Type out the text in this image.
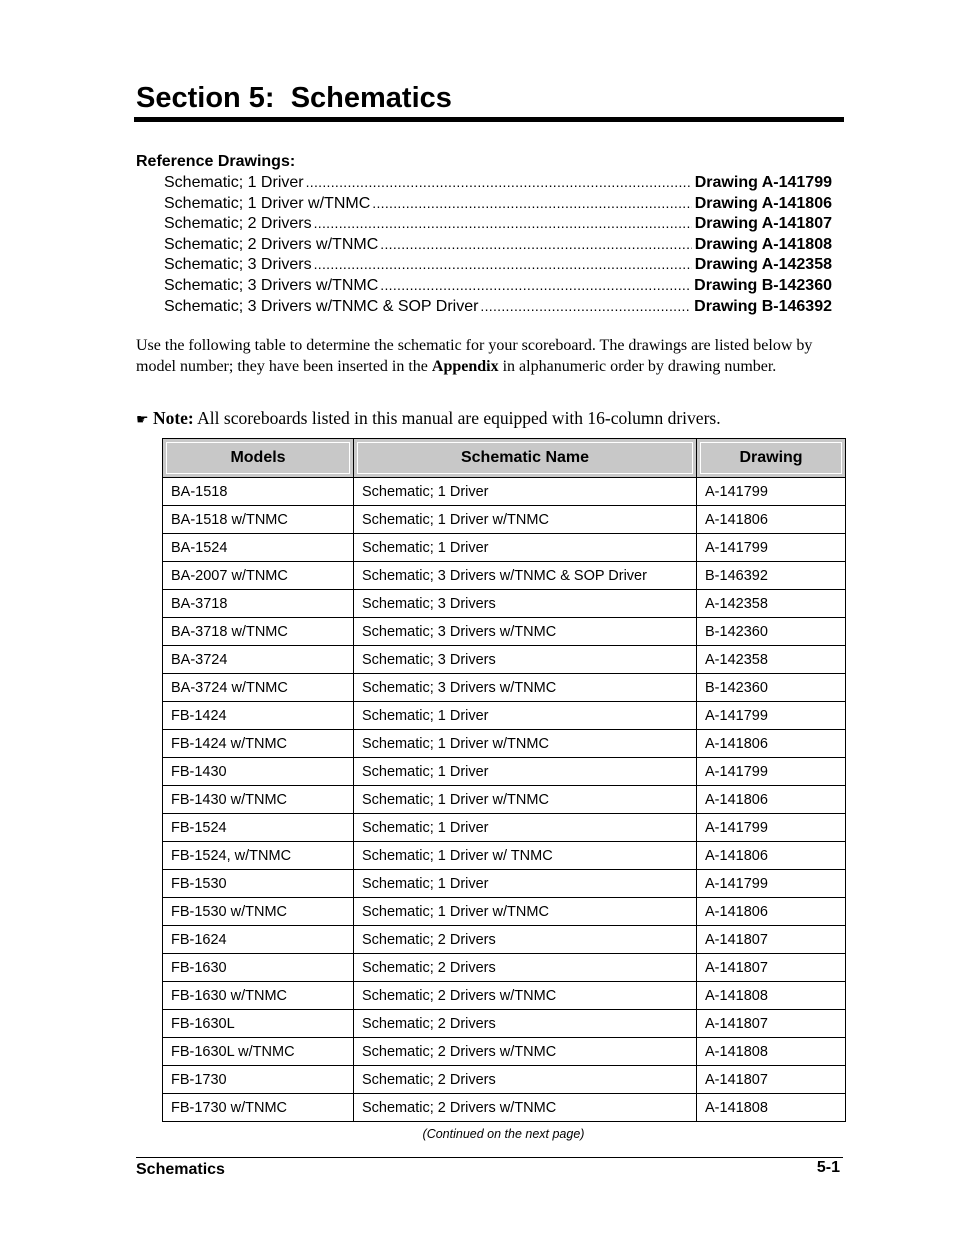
Section 5:  Schematics
Reference Drawings:
Schematic; 1 Driver .....	Drawing A-141799
Schematic; 1 Driver w/TNMC .....	Drawing A-141806
Schematic; 2 Drivers .....	Drawing A-141807
Schematic; 2 Drivers w/TNMC .....	Drawing A-141808
Schematic; 3 Drivers .....	Drawing A-142358
Schematic; 3 Drivers w/TNMC .....	Drawing B-142360
Schematic; 3 Drivers w/TNMC & SOP Driver .....	Drawing B-146392
Use the following table to determine the schematic for your scoreboard. The drawings are listed below by model number; they have been inserted in the Appendix in alphanumeric order by drawing number.
☛ Note: All scoreboards listed in this manual are equipped with 16-column drivers.
Models	Schematic Name	Drawing
BA-1518	Schematic; 1 Driver	A-141799
BA-1518 w/TNMC	Schematic; 1 Driver w/TNMC	A-141806
BA-1524	Schematic; 1 Driver	A-141799
BA-2007 w/TNMC	Schematic; 3 Drivers w/TNMC & SOP Driver	B-146392
BA-3718	Schematic; 3 Drivers	A-142358
BA-3718 w/TNMC	Schematic; 3 Drivers w/TNMC	B-142360
BA-3724	Schematic; 3 Drivers	A-142358
BA-3724 w/TNMC	Schematic; 3 Drivers w/TNMC	B-142360
FB-1424	Schematic; 1 Driver	A-141799
FB-1424 w/TNMC	Schematic; 1 Driver w/TNMC	A-141806
FB-1430	Schematic; 1 Driver	A-141799
FB-1430 w/TNMC	Schematic; 1 Driver w/TNMC	A-141806
FB-1524	Schematic; 1 Driver	A-141799
FB-1524, w/TNMC	Schematic; 1 Driver w/ TNMC	A-141806
FB-1530	Schematic; 1 Driver	A-141799
FB-1530 w/TNMC	Schematic; 1 Driver w/TNMC	A-141806
FB-1624	Schematic; 2 Drivers	A-141807
FB-1630	Schematic; 2 Drivers	A-141807
FB-1630 w/TNMC	Schematic; 2 Drivers w/TNMC	A-141808
FB-1630L	Schematic; 2 Drivers	A-141807
FB-1630L w/TNMC	Schematic; 2 Drivers w/TNMC	A-141808
FB-1730	Schematic; 2 Drivers	A-141807
FB-1730 w/TNMC	Schematic; 2 Drivers w/TNMC	A-141808
(Continued on the next page)
Schematics	5-1
